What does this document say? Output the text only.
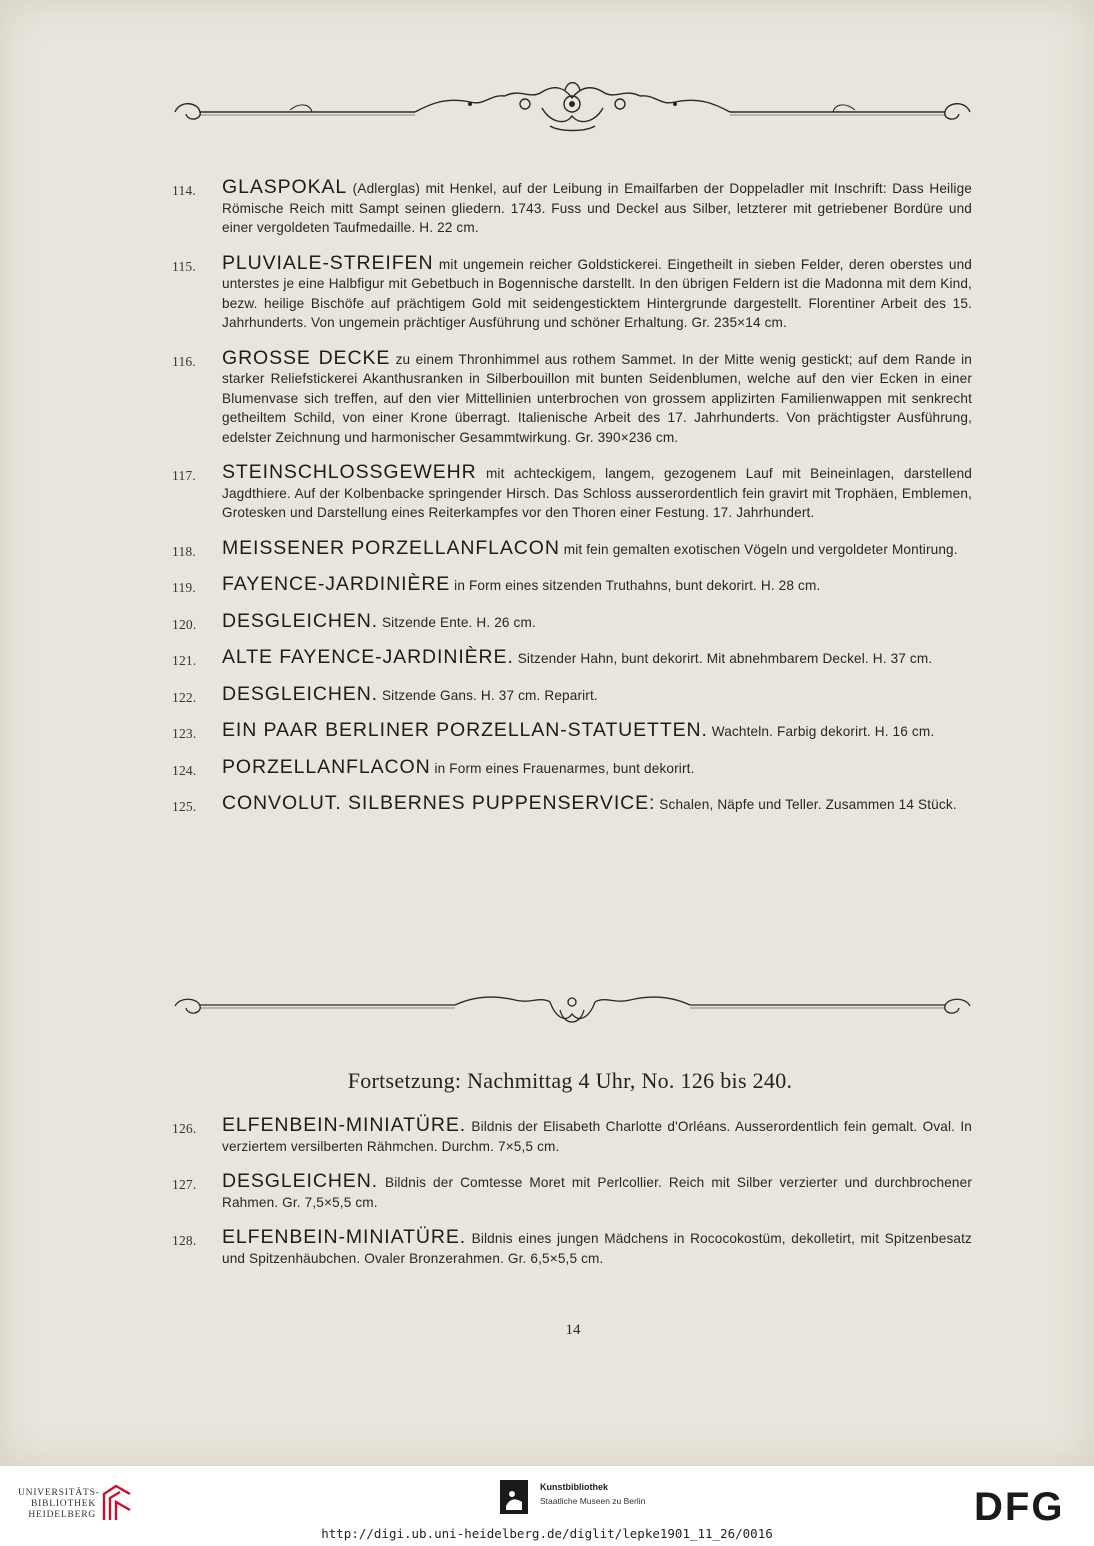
114. GLASPOKAL (Adlerglas) mit Henkel, auf der Leibung in Emailfarben der Doppeladler mit Inschrift: Dass Heilige Römische Reich mitt Sampt seinen gliedern. 1743. Fuss und Deckel aus Silber, letzterer mit getriebener Bordüre und einer vergoldeten Taufmedaille. H. 22 cm.
115. PLUVIALE-STREIFEN mit ungemein reicher Goldstickerei. Eingetheilt in sieben Felder, deren oberstes und unterstes je eine Halbfigur mit Gebetbuch in Bogennische darstellt. In den übrigen Feldern ist die Madonna mit dem Kind, bezw. heilige Bischöfe auf prächtigem Gold mit seidengesticktem Hintergrunde dargestellt. Florentiner Arbeit des 15. Jahrhunderts. Von ungemein prächtiger Ausführung und schöner Erhaltung. Gr. 235×14 cm.
116. GROSSE DECKE zu einem Thronhimmel aus rothem Sammet. In der Mitte wenig gestickt; auf dem Rande in starker Reliefstickerei Akanthusranken in Silberbouillon mit bunten Seidenblumen, welche auf den vier Ecken in einer Blumenvase sich treffen, auf den vier Mittellinien unterbrochen von grossem applizirten Familienwappen mit senkrecht getheiltem Schild, von einer Krone überragt. Italienische Arbeit des 17. Jahrhunderts. Von prächtigster Ausführung, edelster Zeichnung und harmonischer Gesammtwirkung. Gr. 390×236 cm.
117. STEINSCHLOSSGEWEHR mit achteckigem, langem, gezogenem Lauf mit Beineinlagen, darstellend Jagdthiere. Auf der Kolbenbacke springender Hirsch. Das Schloss ausserordentlich fein gravirt mit Trophäen, Emblemen, Grotesken und Darstellung eines Reiterkampfes vor den Thoren einer Festung. 17. Jahrhundert.
118. MEISSENER PORZELLANFLACON mit fein gemalten exotischen Vögeln und vergoldeter Montirung.
119. FAYENCE-JARDINIÈRE in Form eines sitzenden Truthahns, bunt dekorirt. H. 28 cm.
120. DESGLEICHEN. Sitzende Ente. H. 26 cm.
121. ALTE FAYENCE-JARDINIÈRE. Sitzender Hahn, bunt dekorirt. Mit abnehmbarem Deckel. H. 37 cm.
122. DESGLEICHEN. Sitzende Gans. H. 37 cm. Reparirt.
123. EIN PAAR BERLINER PORZELLAN-STATUETTEN. Wachteln. Farbig dekorirt. H. 16 cm.
124. PORZELLANFLACON in Form eines Frauenarmes, bunt dekorirt.
125. CONVOLUT. SILBERNES PUPPENSERVICE: Schalen, Näpfe und Teller. Zusammen 14 Stück.
Fortsetzung: Nachmittag 4 Uhr, No. 126 bis 240.
126. ELFENBEIN-MINIATÜRE. Bildnis der Elisabeth Charlotte d'Orléans. Ausserordentlich fein gemalt. Oval. In verziertem versilberten Rähmchen. Durchm. 7×5,5 cm.
127. DESGLEICHEN. Bildnis der Comtesse Moret mit Perlcollier. Reich mit Silber verzierter und durchbrochener Rahmen. Gr. 7,5×5,5 cm.
128. ELFENBEIN-MINIATÜRE. Bildnis eines jungen Mädchens in Rococokostüm, dekolletirt, mit Spitzenbesatz und Spitzenhäubchen. Ovaler Bronzerahmen. Gr. 6,5×5,5 cm.
14
UNIVERSITÄTS-
BIBLIOTHEK
HEIDELBERG
Kunstbibliothek
Staatliche Museen zu Berlin	DFG
http://digi.ub.uni-heidelberg.de/diglit/lepke1901_11_26/0016
